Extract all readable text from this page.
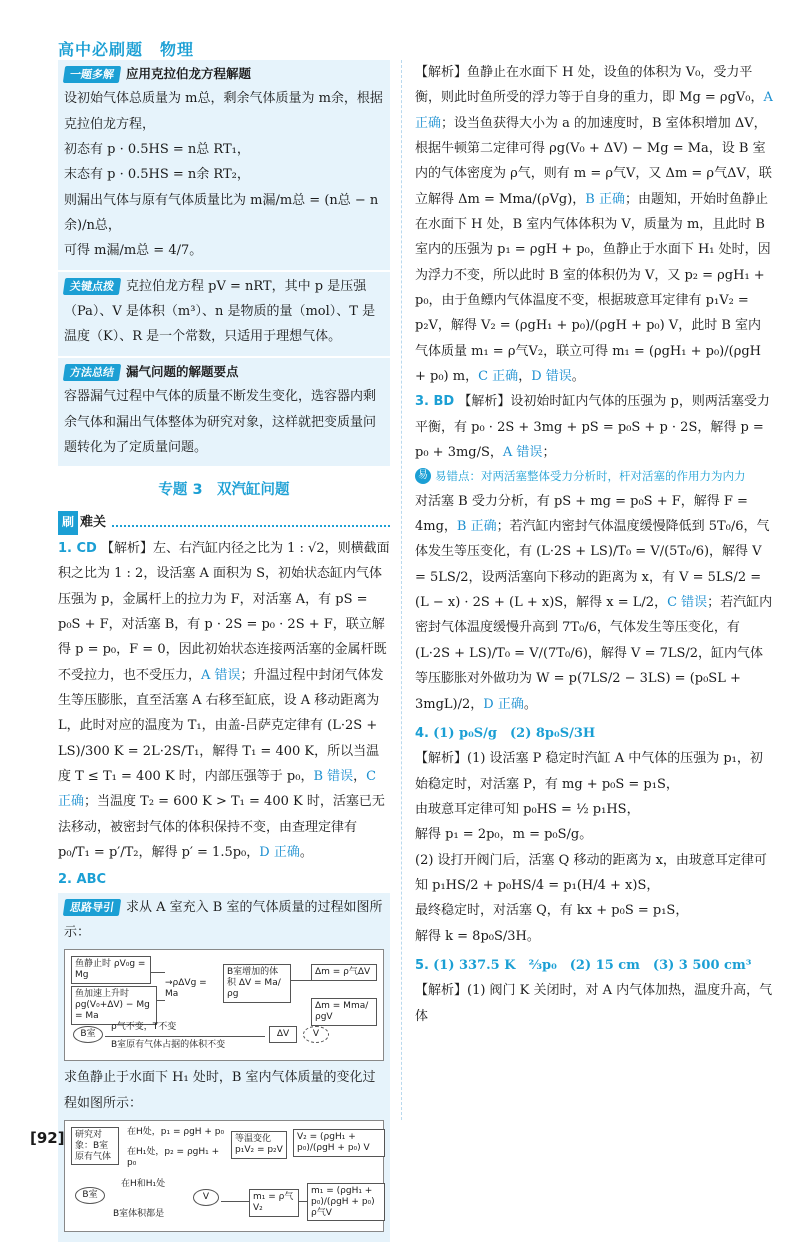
高中必刷题　物理
一题多解 应用克拉伯龙方程解题

设初始气体总质量为 m总，剩余气体质量为 m余，根据克拉伯龙方程，

初态有 p · 0.5HS = n总 RT₁，

末态有 p · 0.5HS = n余 RT₂，

则漏出气体与原有气体质量比为 m漏/m总 = (n总 − n余)/n总，

可得 m漏/m总 = 4/7。

关键点拨 克拉伯龙方程 pV = nRT，其中 p 是压强（Pa）、V 是体积（m³）、n 是物质的量（mol）、T 是温度（K）、R 是一个常数，只适用于理想气体。

方法总结 漏气问题的解题要点

容器漏气过程中气体的质量不断发生变化，选容器内剩余气体和漏出气体整体为研究对象，这样就把变质量问题转化为了定质量问题。

专题 3　双汽缸问题
刷 难关

1. CD 【解析】左、右汽缸内径之比为 1 : √2，则横截面积之比为 1 : 2，设活塞 A 面积为 S，初始状态缸内气体压强为 p，金属杆上的拉力为 F，对活塞 A，有 pS = p₀S + F，对活塞 B，有 p · 2S = p₀ · 2S + F，联立解得 p = p₀，F = 0，因此初始状态连接两活塞的金属杆既不受拉力，也不受压力，A 错误；升温过程中封闭气体发生等压膨胀，直至活塞 A 右移至缸底，设 A 移动距离为 L，此时对应的温度为 T₁，由盖-吕萨克定律有 (L·2S + LS)/300 K = 2L·2S/T₁，解得 T₁ = 400 K，所以当温度 T ≤ T₁ = 400 K 时，内部压强等于 p₀，B 错误，C 正确；当温度 T₂ = 600 K > T₁ = 400 K 时，活塞已无法移动，被密封气体的体积保持不变，由查理定律有 p₀/T₁ = p′/T₂，解得 p′ = 1.5p₀，D 正确。

2. ABC

思路导引 求从 A 室充入 B 室的气体质量的过程如图所示：

鱼静止时 ρV₀g = Mg
鱼加速上升时 ρg(V₀+ΔV) − Mg = Ma
→ρΔVg = Ma
B室增加的体积 ΔV = Ma/ρg
Δm = ρ气ΔV
Δm = Mma/ρgV
B室
ρ气不变，T不变
B室原有气体占据的体积不变
ΔV	V

求鱼静止于水面下 H₁ 处时，B 室内气体质量的变化过程如图所示：

研究对象：B室原有气体
在H处，p₁ = ρgH + p₀
在H₁处，p₂ = ρgH₁ + p₀
等温变化 p₁V₂ = p₂V
V₂ = (ρgH₁ + p₀)/(ρgH + p₀) V
B室
在H和H₁处
B室体积都是
V	m₁ = ρ气V₂
m₁ = (ρgH₁ + p₀)/(ρgH + p₀) ρ气V

【解析】鱼静止在水面下 H 处，设鱼的体积为 V₀，受力平衡，则此时鱼所受的浮力等于自身的重力，即 Mg = ρgV₀，A 正确；设当鱼获得大小为 a 的加速度时，B 室体积增加 ΔV，根据牛顿第二定律可得 ρg(V₀ + ΔV) − Mg = Ma，设 B 室内的气体密度为 ρ气，则有 m = ρ气V，又 Δm = ρ气ΔV，联立解得 Δm = Mma/(ρVg)，B 正确；由题知，开始时鱼静止在水面下 H 处，B 室内气体体积为 V，质量为 m，且此时 B 室内的压强为 p₁ = ρgH + p₀，鱼静止于水面下 H₁ 处时，因为浮力不变，所以此时 B 室的体积仍为 V，又 p₂ = ρgH₁ + p₀，由于鱼鳔内气体温度不变，根据玻意耳定律有 p₁V₂ = p₂V，解得 V₂ = (ρgH₁ + p₀)/(ρgH + p₀) V，此时 B 室内气体质量 m₁ = ρ气V₂，联立可得 m₁ = (ρgH₁ + p₀)/(ρgH + p₀) m，C 正确，D 错误。

3. BD 【解析】设初始时缸内气体的压强为 p，则两活塞受力平衡，有 p₀ · 2S + 3mg + pS = p₀S + p · 2S，解得 p = p₀ + 3mg/S，A 错误；

易 易错点：对两活塞整体受力分析时，杆对活塞的作用力为内力

对活塞 B 受力分析，有 pS + mg = p₀S + F，解得 F = 4mg，B 正确；若汽缸内密封气体温度缓慢降低到 5T₀/6，气体发生等压变化，有 (L·2S + LS)/T₀ = V/(5T₀/6)，解得 V = 5LS/2，设两活塞向下移动的距离为 x，有 V = 5LS/2 = (L − x) · 2S + (L + x)S，解得 x = L/2，C 错误；若汽缸内密封气体温度缓慢升高到 7T₀/6，气体发生等压变化，有 (L·2S + LS)/T₀ = V/(7T₀/6)，解得 V = 7LS/2，缸内气体等压膨胀对外做功为 W = p(7LS/2 − 3LS) = (p₀SL + 3mgL)/2，D 正确。

4. (1) p₀S/g　(2) 8p₀S/3H

【解析】(1) 设活塞 P 稳定时汽缸 A 中气体的压强为 p₁，初始稳定时，对活塞 P，有 mg + p₀S = p₁S，

由玻意耳定律可知 p₀HS = ½ p₁HS，

解得 p₁ = 2p₀，m = p₀S/g。

(2) 设打开阀门后，活塞 Q 移动的距离为 x，由玻意耳定律可知 p₁HS/2 + p₀HS/4 = p₁(H/4 + x)S，

最终稳定时，对活塞 Q，有 kx + p₀S = p₁S，

解得 k = 8p₀S/3H。

5. (1) 337.5 K　⅔p₀　(2) 15 cm　(3) 3 500 cm³

【解析】(1) 阀门 K 关闭时，对 A 内气体加热，温度升高，气体

[92]
